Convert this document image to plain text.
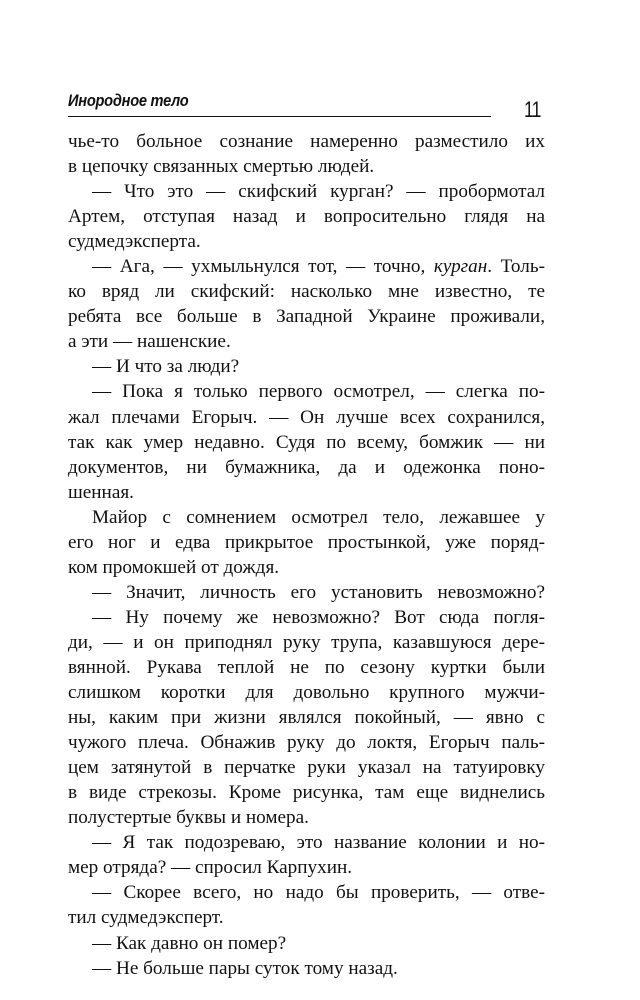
Инородное тело	11
чье-то больное сознание намеренно разместило их
в цепочку связанных смертью людей.
— Что это — скифский курган? — пробормотал
Артем, отступая назад и вопросительно глядя на
судмедэксперта.
— Ага, — ухмыльнулся тот, — точно, курган. Толь-
ко вряд ли скифский: насколько мне известно, те
ребята все больше в Западной Украине проживали,
а эти — нашенские.
— И что за люди?
— Пока я только первого осмотрел, — слегка по-
жал плечами Егорыч. — Он лучше всех сохранился,
так как умер недавно. Судя по всему, бомжик — ни
документов, ни бумажника, да и одежонка поно-
шенная.
Майор с сомнением осмотрел тело, лежавшее у
его ног и едва прикрытое простынкой, уже поряд-
ком промокшей от дождя.
— Значит, личность его установить невозможно?
— Ну почему же невозможно? Вот сюда погля-
ди, — и он приподнял руку трупа, казавшуюся дере-
вянной. Рукава теплой не по сезону куртки были
слишком коротки для довольно крупного мужчи-
ны, каким при жизни являлся покойный, — явно с
чужого плеча. Обнажив руку до локтя, Егорыч паль-
цем затянутой в перчатке руки указал на татуировку
в виде стрекозы. Кроме рисунка, там еще виднелись
полустертые буквы и номера.
— Я так подозреваю, это название колонии и но-
мер отряда? — спросил Карпухин.
— Скорее всего, но надо бы проверить, — отве-
тил судмедэксперт.
— Как давно он помер?
— Не больше пары суток тому назад.
